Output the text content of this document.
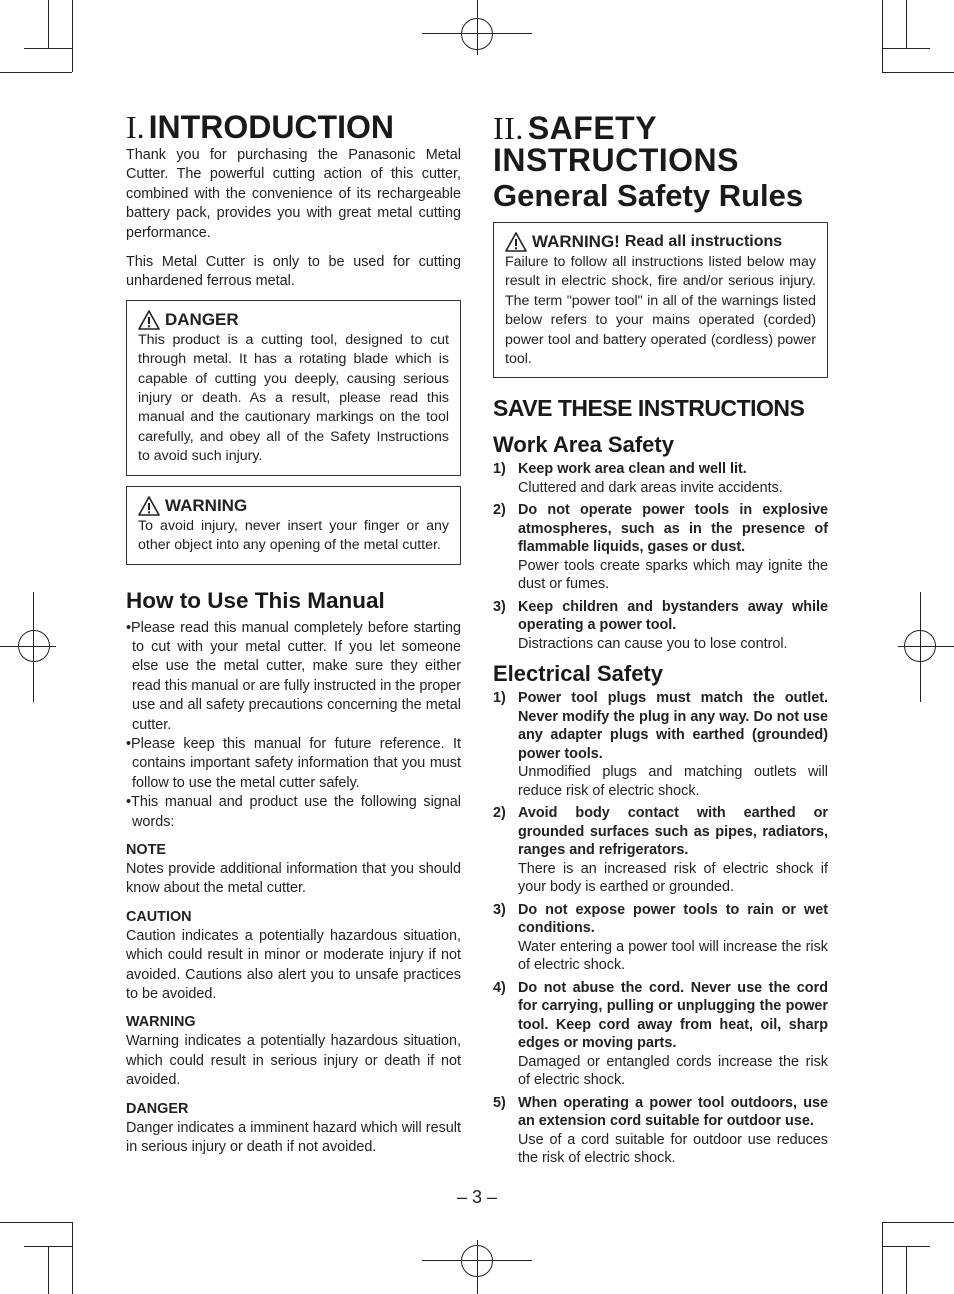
I. INTRODUCTION

Thank you for purchasing the Panasonic Metal Cutter. The powerful cutting action of this cutter, combined with the convenience of its rechargeable battery pack, provides you with great metal cutting performance.

This Metal Cutter is only to be used for cutting unhardened ferrous metal.

DANGER

This product is a cutting tool, designed to cut through metal. It has a rotating blade which is capable of cutting you deeply, causing serious injury or death. As a result, please read this manual and the cautionary markings on the tool carefully, and obey all of the Safety Instructions to avoid such injury.

WARNING

To avoid injury, never insert your finger or any other object into any opening of the metal cutter.

How to Use This Manual
•Please read this manual completely before starting to cut with your metal cutter. If you let someone else use the metal cutter, make sure they either read this manual or are fully instructed in the proper use and all safety precautions concerning the metal cutter.
•Please keep this manual for future reference. It contains important safety information that you must follow to use the metal cutter safely.
•This manual and product use the following signal words:
NOTE

Notes provide additional information that you should know about the metal cutter.

CAUTION

Caution indicates a potentially hazardous situation, which could result in minor or moderate injury if not avoided. Cautions also alert you to unsafe practices to be avoided.

WARNING

Warning indicates a potentially hazardous situation, which could result in serious injury or death if not avoided.

DANGER

Danger indicates a imminent hazard which will result in serious injury or death if not avoided.

II. SAFETY INSTRUCTIONS
General Safety Rules
WARNING! Read all instructions

Failure to follow all instructions listed below may result in electric shock, fire and/or serious injury. The term "power tool" in all of the warnings listed below refers to your mains operated (corded) power tool and battery operated (cordless) power tool.

SAVE THESE INSTRUCTIONS
Work Area Safety
1) Keep work area clean and well lit.
Cluttered and dark areas invite accidents.
2) Do not operate power tools in explosive atmospheres, such as in the presence of flammable liquids, gases or dust.
Power tools create sparks which may ignite the dust or fumes.
3) Keep children and bystanders away while operating a power tool.
Distractions can cause you to lose control.
Electrical Safety
1) Power tool plugs must match the outlet. Never modify the plug in any way. Do not use any adapter plugs with earthed (grounded) power tools.
Unmodified plugs and matching outlets will reduce risk of electric shock.
2) Avoid body contact with earthed or grounded surfaces such as pipes, radiators, ranges and refrigerators.
There is an increased risk of electric shock if your body is earthed or grounded.
3) Do not expose power tools to rain or wet conditions.
Water entering a power tool will increase the risk of electric shock.
4) Do not abuse the cord. Never use the cord for carrying, pulling or unplugging the power tool. Keep cord away from heat, oil, sharp edges or moving parts.
Damaged or entangled cords increase the risk of electric shock.
5) When operating a power tool outdoors, use an extension cord suitable for outdoor use.
Use of a cord suitable for outdoor use reduces the risk of electric shock.
– 3 –
